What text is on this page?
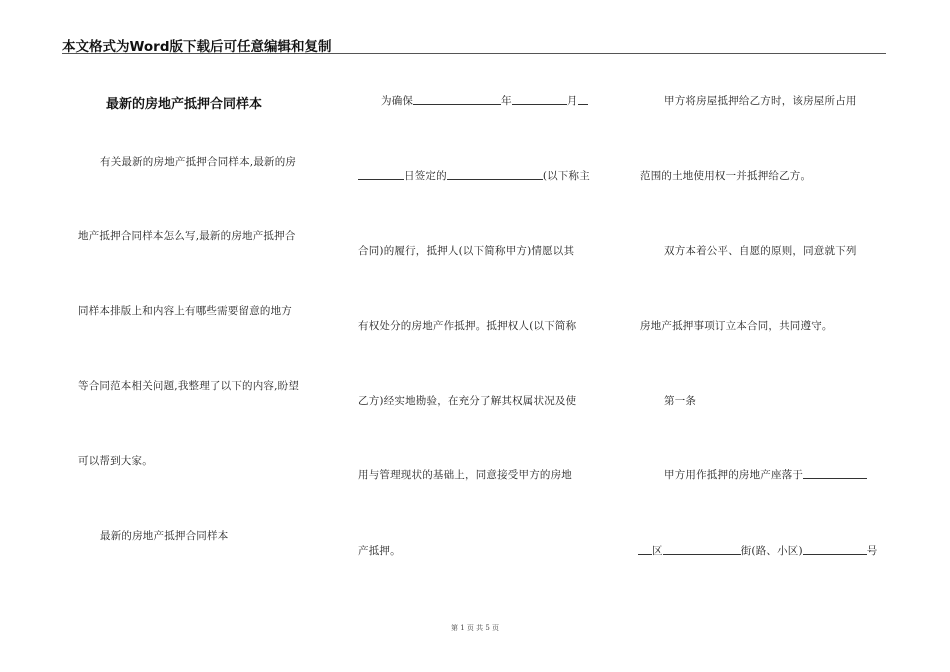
本文格式为Word版下载后可任意编辑和复制
最新的房地产抵押合同样本

有关最新的房地产抵押合同样本,最新的房

地产抵押合同样本怎么写,最新的房地产抵押合

同样本排版上和内容上有哪些需要留意的地方

等合同范本相关问题,我整理了以下的内容,盼望

可以帮到大家。

最新的房地产抵押合同样本

为确保	年	月

日签定的	(以下称主

合同)的履行，抵押人(以下简称甲方)情愿以其

有权处分的房地产作抵押。抵押权人(以下简称

乙方)经实地勘验，在充分了解其权属状况及使

用与管理现状的基础上，同意接受甲方的房地

产抵押。

甲方将房屋抵押给乙方时，该房屋所占用

范围的土地使用权一并抵押给乙方。

双方本着公平、自愿的原则，同意就下列

房地产抵押事项订立本合同，共同遵守。

第一条

甲方用作抵押的房地产座落于

区	街(路、小区)	号

第 1 页 共 5 页
